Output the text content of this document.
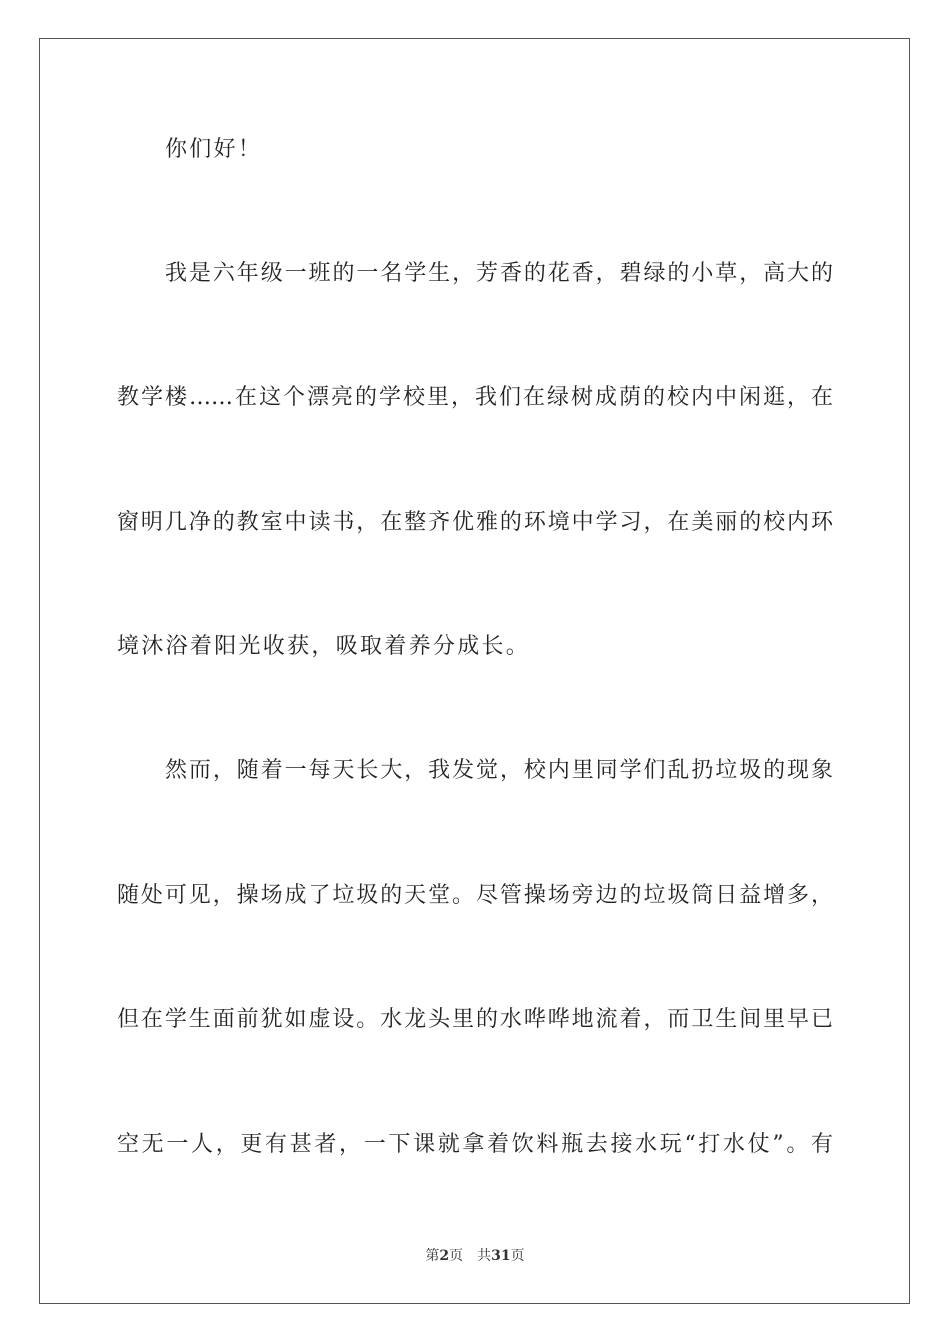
你们好！
我是六年级一班的一名学生，芳香的花香，碧绿的小草，高大的
教学楼……在这个漂亮的学校里，我们在绿树成荫的校内中闲逛，在
窗明几净的教室中读书，在整齐优雅的环境中学习，在美丽的校内环
境沐浴着阳光收获，吸取着养分成长。
然而，随着一每天长大，我发觉，校内里同学们乱扔垃圾的现象
随处可见，操场成了垃圾的天堂。尽管操场旁边的垃圾筒日益增多，
但在学生面前犹如虚设。水龙头里的水哗哗地流着，而卫生间里早已
空无一人，更有甚者，一下课就拿着饮料瓶去接水玩“打水仗”。有
第2页 共31页
